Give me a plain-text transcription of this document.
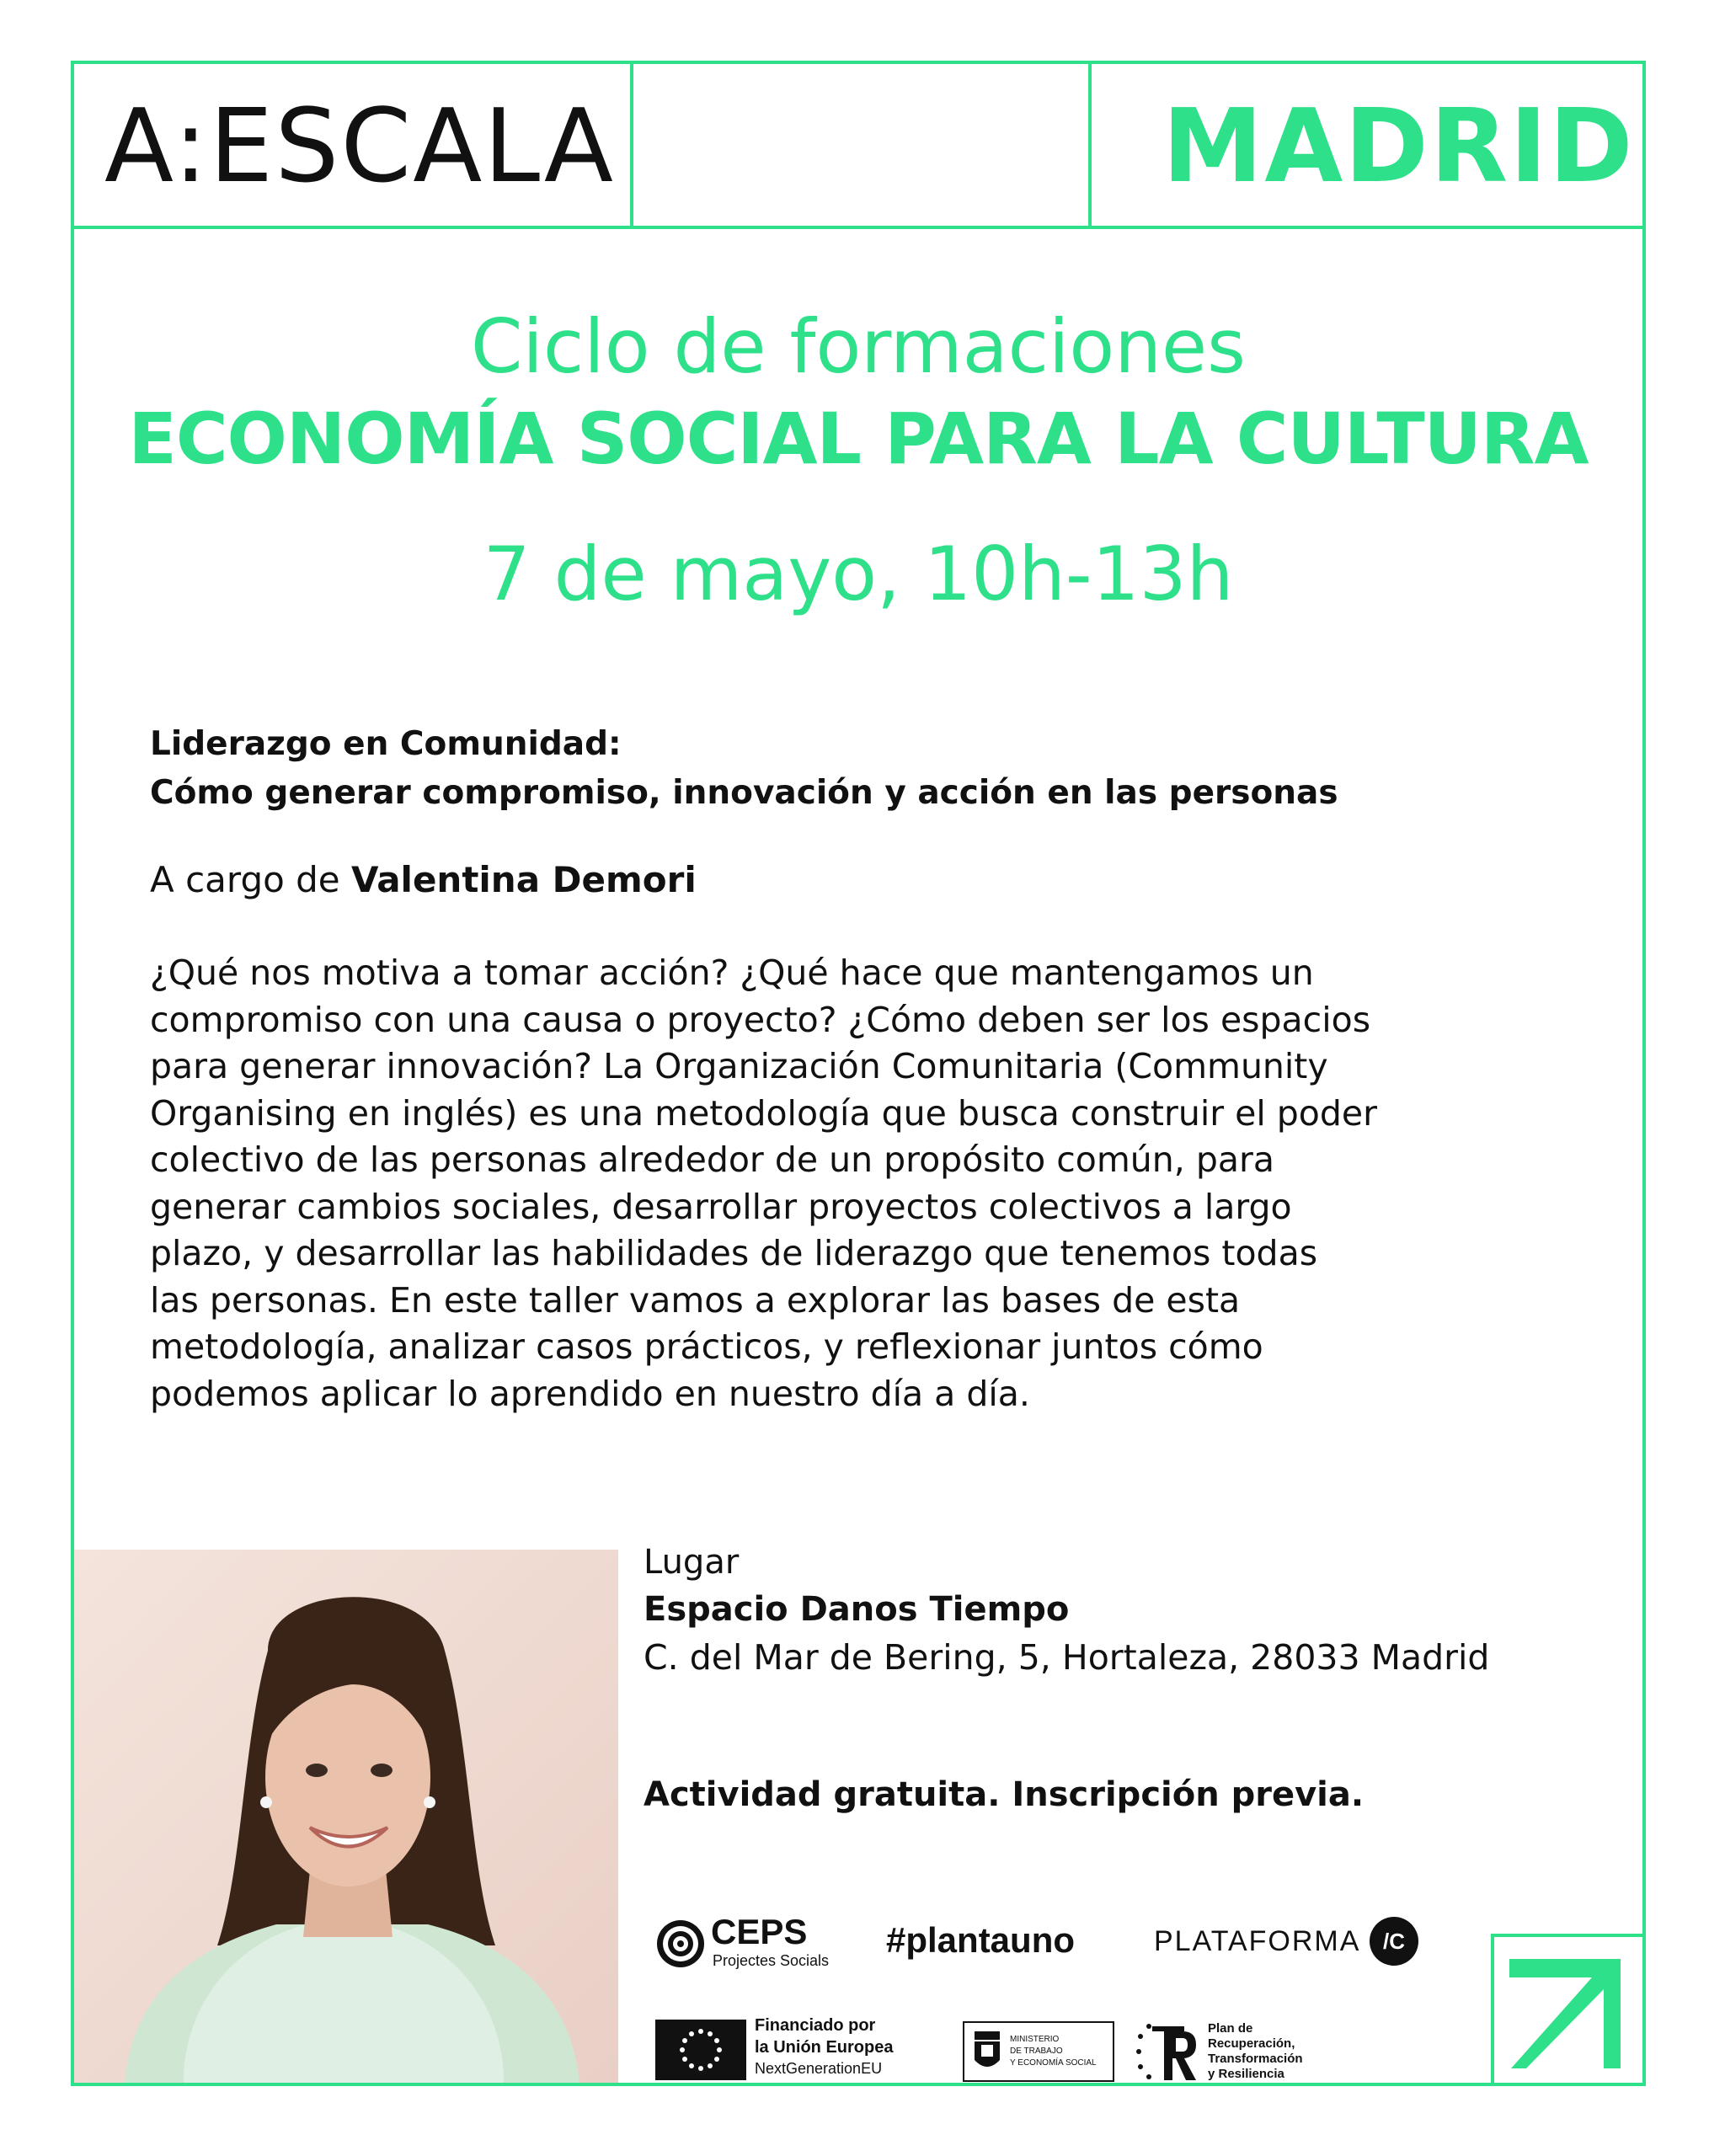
A:ESCALA	MADRID
Ciclo de formaciones
ECONOMÍA SOCIAL PARA LA CULTURA
7 de mayo, 10h-13h
Liderazgo en Comunidad:
Cómo generar compromiso, innovación y acción en las personas
A cargo de Valentina Demori
¿Qué nos motiva a tomar acción? ¿Qué hace que mantengamos un
compromiso con una causa o proyecto? ¿Cómo deben ser los espacios
para generar innovación? La Organización Comunitaria (Community
Organising en inglés) es una metodología que busca construir el poder
colectivo de las personas alrededor de un propósito común, para
generar cambios sociales, desarrollar proyectos colectivos a largo
plazo, y desarrollar las habilidades de liderazgo que tenemos todas
las personas. En este taller vamos a explorar las bases de esta
metodología, analizar casos prácticos, y reflexionar juntos cómo
podemos aplicar lo aprendido en nuestro día a día.
Lugar
Espacio Danos Tiempo
C. del Mar de Bering, 5, Hortaleza, 28033 Madrid
Actividad gratuita. Inscripción previa.
CEPS
Projectes Socials
#plantauno	PLATAFORMA	/C
Financiado por
la Unión Europea
NextGenerationEU
MINISTERIO
DE TRABAJO
Y ECONOMÍA SOCIAL
Plan de
Recuperación,
Transformación
y Resiliencia
